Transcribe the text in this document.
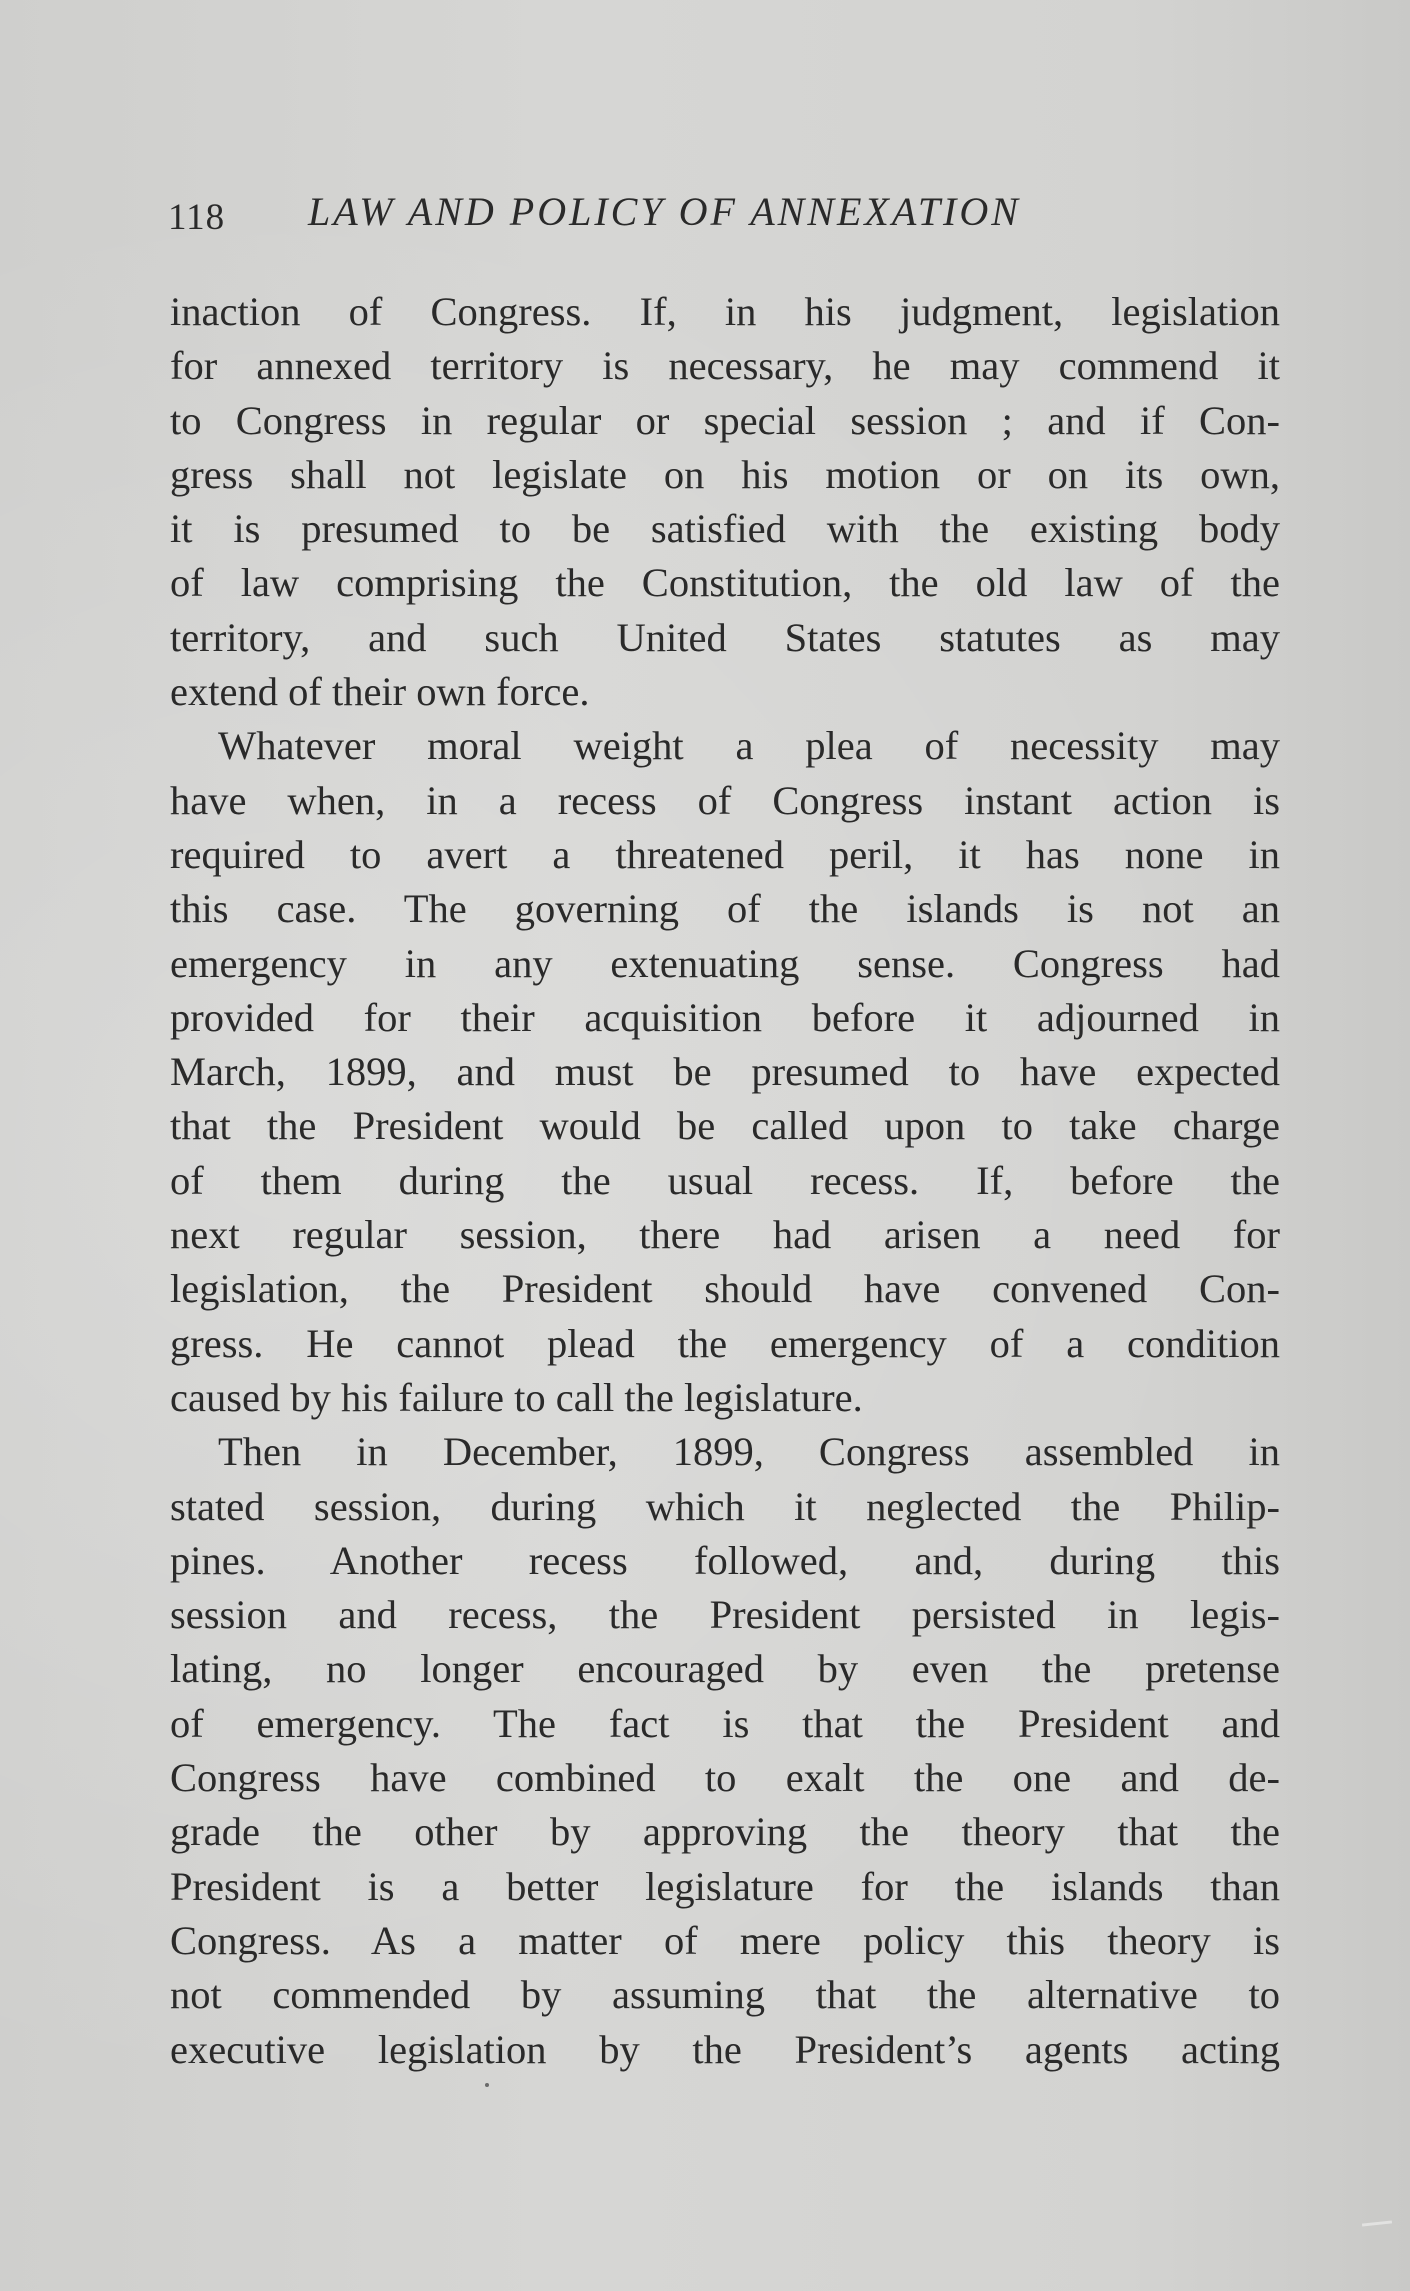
118 LAW AND POLICY OF ANNEXATION
inaction of Congress. If, in his judgment, legislation
for annexed territory is necessary, he may commend it
to Congress in regular or special session ; and if Con-
gress shall not legislate on his motion or on its own,
it is presumed to be satisfied with the existing body
of law comprising the Constitution, the old law of the
territory, and such United States statutes as may
extend of their own force.
Whatever moral weight a plea of necessity may
have when, in a recess of Congress instant action is
required to avert a threatened peril, it has none in
this case. The governing of the islands is not an
emergency in any extenuating sense. Congress had
provided for their acquisition before it adjourned in
March, 1899, and must be presumed to have expected
that the President would be called upon to take charge
of them during the usual recess. If, before the
next regular session, there had arisen a need for
legislation, the President should have convened Con-
gress. He cannot plead the emergency of a condition
caused by his failure to call the legislature.
Then in December, 1899, Congress assembled in
stated session, during which it neglected the Philip-
pines. Another recess followed, and, during this
session and recess, the President persisted in legis-
lating, no longer encouraged by even the pretense
of emergency. The fact is that the President and
Congress have combined to exalt the one and de-
grade the other by approving the theory that the
President is a better legislature for the islands than
Congress. As a matter of mere policy this theory is
not commended by assuming that the alternative to
executive legislation by the President’s agents acting
